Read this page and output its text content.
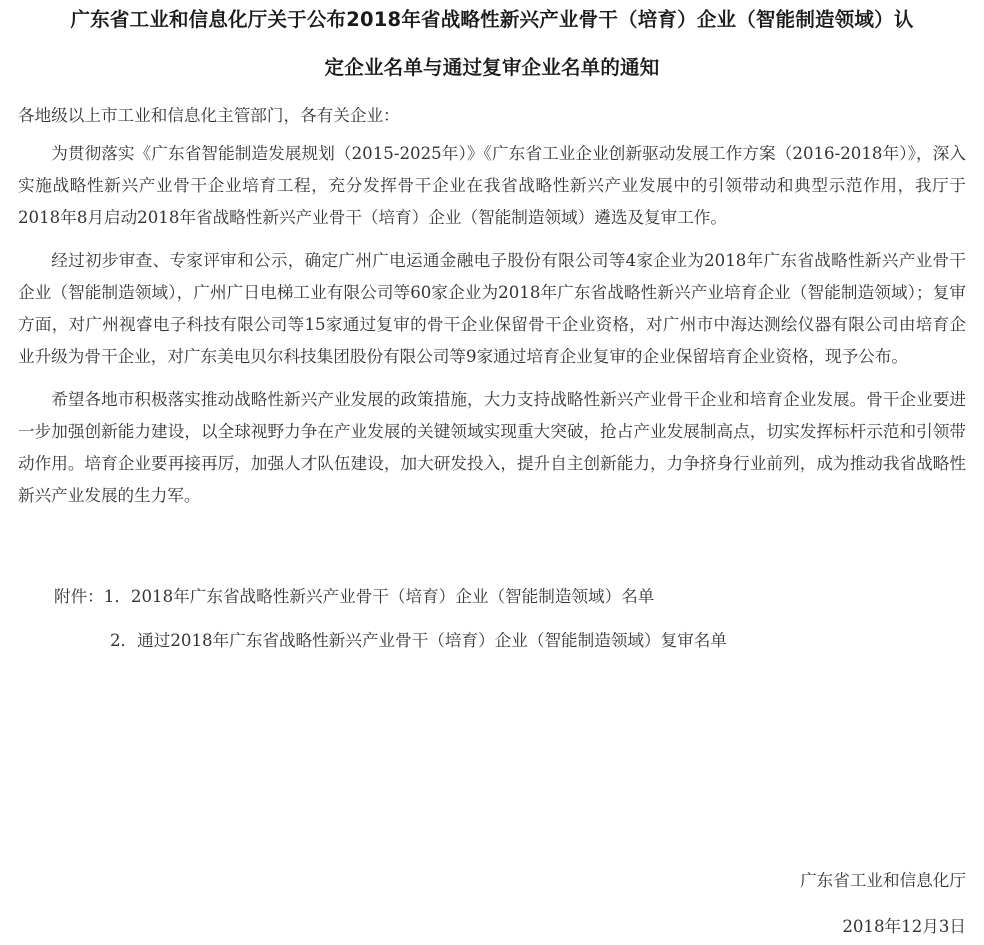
广东省工业和信息化厅关于公布2018年省战略性新兴产业骨干（培育）企业（智能制造领域）认
定企业名单与通过复审企业名单的通知

各地级以上市工业和信息化主管部门，各有关企业：

为贯彻落实《广东省智能制造发展规划（2015-2025年）》《广东省工业企业创新驱动发展工作方案（2016-2018年）》，深入实施战略性新兴产业骨干企业培育工程，充分发挥骨干企业在我省战略性新兴产业发展中的引领带动和典型示范作用，我厅于2018年8月启动2018年省战略性新兴产业骨干（培育）企业（智能制造领域）遴选及复审工作。

经过初步审查、专家评审和公示，确定广州广电运通金融电子股份有限公司等4家企业为2018年广东省战略性新兴产业骨干企业（智能制造领域），广州广日电梯工业有限公司等60家企业为2018年广东省战略性新兴产业培育企业（智能制造领域）；复审方面，对广州视睿电子科技有限公司等15家通过复审的骨干企业保留骨干企业资格，对广州市中海达测绘仪器有限公司由培育企业升级为骨干企业，对广东美电贝尔科技集团股份有限公司等9家通过培育企业复审的企业保留培育企业资格，现予公布。

希望各地市积极落实推动战略性新兴产业发展的政策措施，大力支持战略性新兴产业骨干企业和培育企业发展。骨干企业要进一步加强创新能力建设，以全球视野力争在产业发展的关键领域实现重大突破，抢占产业发展制高点，切实发挥标杆示范和引领带动作用。培育企业要再接再厉，加强人才队伍建设，加大研发投入，提升自主创新能力，力争挤身行业前列，成为推动我省战略性新兴产业发展的生力军。

附件：1．2018年广东省战略性新兴产业骨干（培育）企业（智能制造领域）名单
2．通过2018年广东省战略性新兴产业骨干（培育）企业（智能制造领域）复审名单
广东省工业和信息化厅
2018年12月3日
